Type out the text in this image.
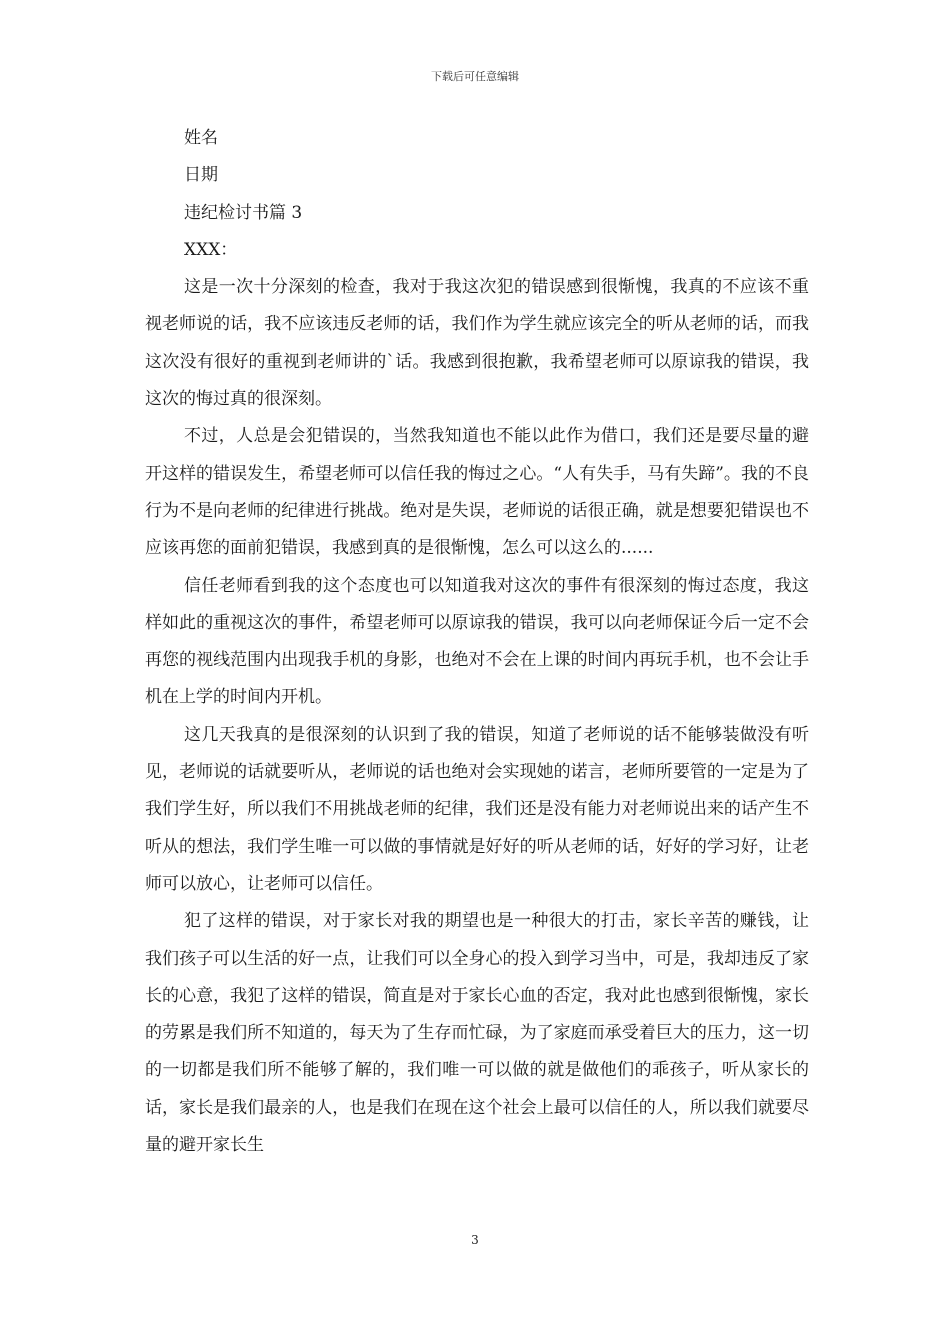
下载后可任意编辑

姓名

日期

违纪检讨书篇 3

XXX：

这是一次十分深刻的检查，我对于我这次犯的错误感到很惭愧，我真的不应该不重视老师说的话，我不应该违反老师的话，我们作为学生就应该完全的听从老师的话，而我这次没有很好的重视到老师讲的`话。我感到很抱歉，我希望老师可以原谅我的错误，我这次的悔过真的很深刻。

不过，人总是会犯错误的，当然我知道也不能以此作为借口，我们还是要尽量的避开这样的错误发生，希望老师可以信任我的悔过之心。“人有失手，马有失蹄”。我的不良行为不是向老师的纪律进行挑战。绝对是失误，老师说的话很正确，就是想要犯错误也不应该再您的面前犯错误，我感到真的是很惭愧，怎么可以这么的......

信任老师看到我的这个态度也可以知道我对这次的事件有很深刻的悔过态度，我这样如此的重视这次的事件，希望老师可以原谅我的错误，我可以向老师保证今后一定不会再您的视线范围内出现我手机的身影，也绝对不会在上课的时间内再玩手机，也不会让手机在上学的时间内开机。

这几天我真的是很深刻的认识到了我的错误，知道了老师说的话不能够装做没有听见，老师说的话就要听从，老师说的话也绝对会实现她的诺言，老师所要管的一定是为了我们学生好，所以我们不用挑战老师的纪律，我们还是没有能力对老师说出来的话产生不听从的想法，我们学生唯一可以做的事情就是好好的听从老师的话，好好的学习好，让老师可以放心，让老师可以信任。

犯了这样的错误，对于家长对我的期望也是一种很大的打击，家长辛苦的赚钱，让我们孩子可以生活的好一点，让我们可以全身心的投入到学习当中，可是，我却违反了家长的心意，我犯了这样的错误，简直是对于家长心血的否定，我对此也感到很惭愧，家长的劳累是我们所不知道的，每天为了生存而忙碌，为了家庭而承受着巨大的压力，这一切的一切都是我们所不能够了解的，我们唯一可以做的就是做他们的乖孩子，听从家长的话，家长是我们最亲的人，也是我们在现在这个社会上最可以信任的人，所以我们就要尽量的避开家长生

3
